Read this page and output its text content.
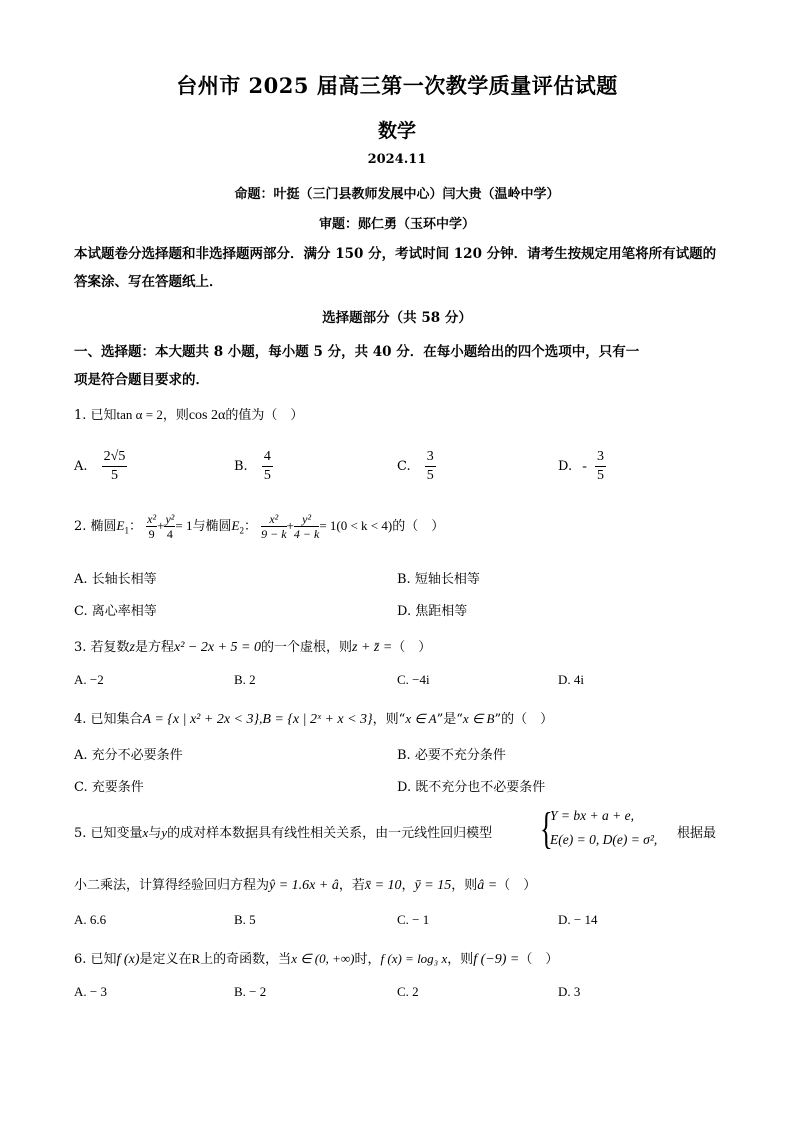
台州市 2025 届高三第一次教学质量评估试题
数学
2024.11
命题：叶挺（三门县教师发展中心）闫大贵（温岭中学）
审题：郧仁勇（玉环中学）
本试题卷分选择题和非选择题两部分．满分 150 分，考试时间 120 分钟．请考生按规定用笔将所有试题的答案涂、写在答题纸上．
选择题部分（共 58 分）
一、选择题：本大题共 8 小题，每小题 5 分，共 40 分．在每小题给出的四个选项中，只有一
项是符合题目要求的．
1. 已知tan α = 2，则cos 2α的值为（　）
A. $\frac{2√5}{5}$	B. $\frac{4}{5}$	C. $\frac{3}{5}$	D. - $\frac{3}{5}$
2. 椭圆$E_1$： $\frac{\text{x²}}{9} + \frac{\text{y²}}{4} = 1$与椭圆$E_2$： $\frac{\text{x²}}{9 - k} + \frac{\text{y²}}{4 - k} = 1(0 < k < 4)$的（　）
A. 长轴长相等	B. 短轴长相等
C. 离心率相等	D. 焦距相等
3. 若复数z是方程x² − 2x + 5 = 0的一个虚根，则z + z̄ =（　）
A. −2	B. 2	C. −4i	D. 4i
4. 已知集合A = {x | x² + 2x < 3},B = {x | 2ˣ + x < 3}，则“x ∈ A”是“x ∈ B”的（　）
A. 充分不必要条件	B. 必要不充分条件
C. 充要条件	D. 既不充分也不必要条件
5. 已知变量x与y的成对样本数据具有线性相关关系，由一元线性回归模型 {
Y = bx + a + e,
E(e) = 0, D(e) = σ², 根据最
小二乘法，计算得经验回归方程为ŷ = 1.6x + â，若x̄ = 10，ȳ = 15，则â =（　）
A. 6.6	B. 5	C. − 1	D. − 14
6. 已知f (x)是定义在R上的奇函数，当x ∈ (0, +∞)时，f (x) = log₃ x，则f (−9) =（　）
A. − 3	B. − 2	C. 2	D. 3
